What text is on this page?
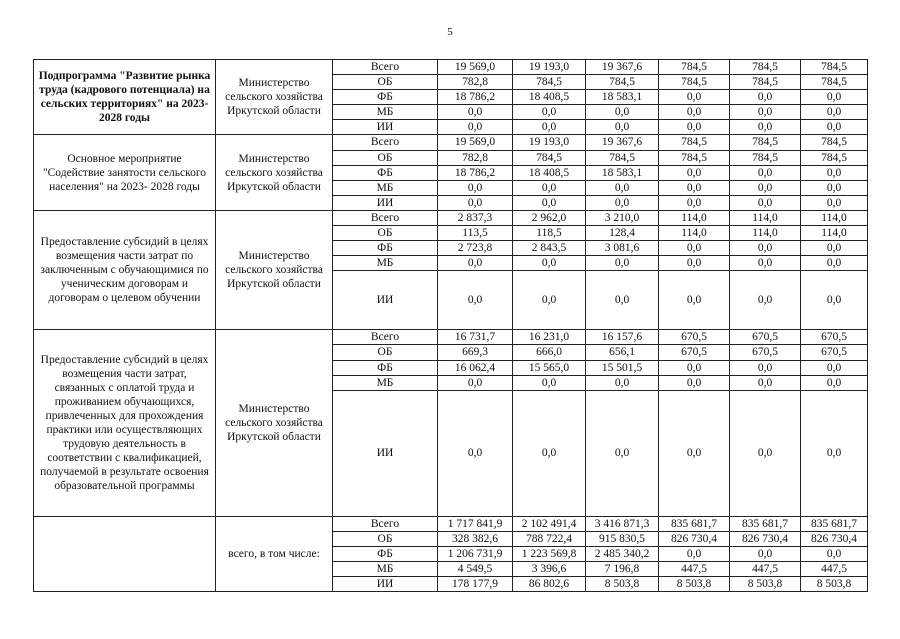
5
Подпрограмма "Развитие рынка труда (кадрового потенциала) на сельских территориях" на 2023-2028 годы	Министерство сельского хозяйства Иркутской области	Всего	19 569,0	19 193,0	19 367,6	784,5	784,5	784,5
		ОБ	782,8	784,5	784,5	784,5	784,5	784,5
		ФБ	18 786,2	18 408,5	18 583,1	0,0	0,0	0,0
		МБ	0,0	0,0	0,0	0,0	0,0	0,0
		ИИ	0,0	0,0	0,0	0,0	0,0	0,0
Основное мероприятие "Содействие занятости сельского населения" на 2023- 2028 годы	Министерство сельского хозяйства Иркутской области	Всего	19 569,0	19 193,0	19 367,6	784,5	784,5	784,5
		ОБ	782,8	784,5	784,5	784,5	784,5	784,5
		ФБ	18 786,2	18 408,5	18 583,1	0,0	0,0	0,0
		МБ	0,0	0,0	0,0	0,0	0,0	0,0
		ИИ	0,0	0,0	0,0	0,0	0,0	0,0
Предоставление субсидий в целях возмещения части затрат по заключенным с обучающимися по ученическим договорам и договорам о целевом обучении	Министерство сельского хозяйства Иркутской области	Всего	2 837,3	2 962,0	3 210,0	114,0	114,0	114,0
		ОБ	113,5	118,5	128,4	114,0	114,0	114,0
		ФБ	2 723,8	2 843,5	3 081,6	0,0	0,0	0,0
		МБ	0,0	0,0	0,0	0,0	0,0	0,0
		ИИ	0,0	0,0	0,0	0,0	0,0	0,0
Предоставление субсидий в целях возмещения части затрат, связанных с оплатой труда и проживанием обучающихся, привлеченных для прохождения практики или осуществляющих трудовую деятельность в соответствии с квалификацией, получаемой в результате освоения образовательной программы	Министерство сельского хозяйства Иркутской области	Всего	16 731,7	16 231,0	16 157,6	670,5	670,5	670,5
		ОБ	669,3	666,0	656,1	670,5	670,5	670,5
		ФБ	16 062,4	15 565,0	15 501,5	0,0	0,0	0,0
		МБ	0,0	0,0	0,0	0,0	0,0	0,0
		ИИ	0,0	0,0	0,0	0,0	0,0	0,0
	всего, в том числе:	Всего	1 717 841,9	2 102 491,4	3 416 871,3	835 681,7	835 681,7	835 681,7
		ОБ	328 382,6	788 722,4	915 830,5	826 730,4	826 730,4	826 730,4
		ФБ	1 206 731,9	1 223 569,8	2 485 340,2	0,0	0,0	0,0
		МБ	4 549,5	3 396,6	7 196,8	447,5	447,5	447,5
		ИИ	178 177,9	86 802,6	8 503,8	8 503,8	8 503,8	8 503,8
